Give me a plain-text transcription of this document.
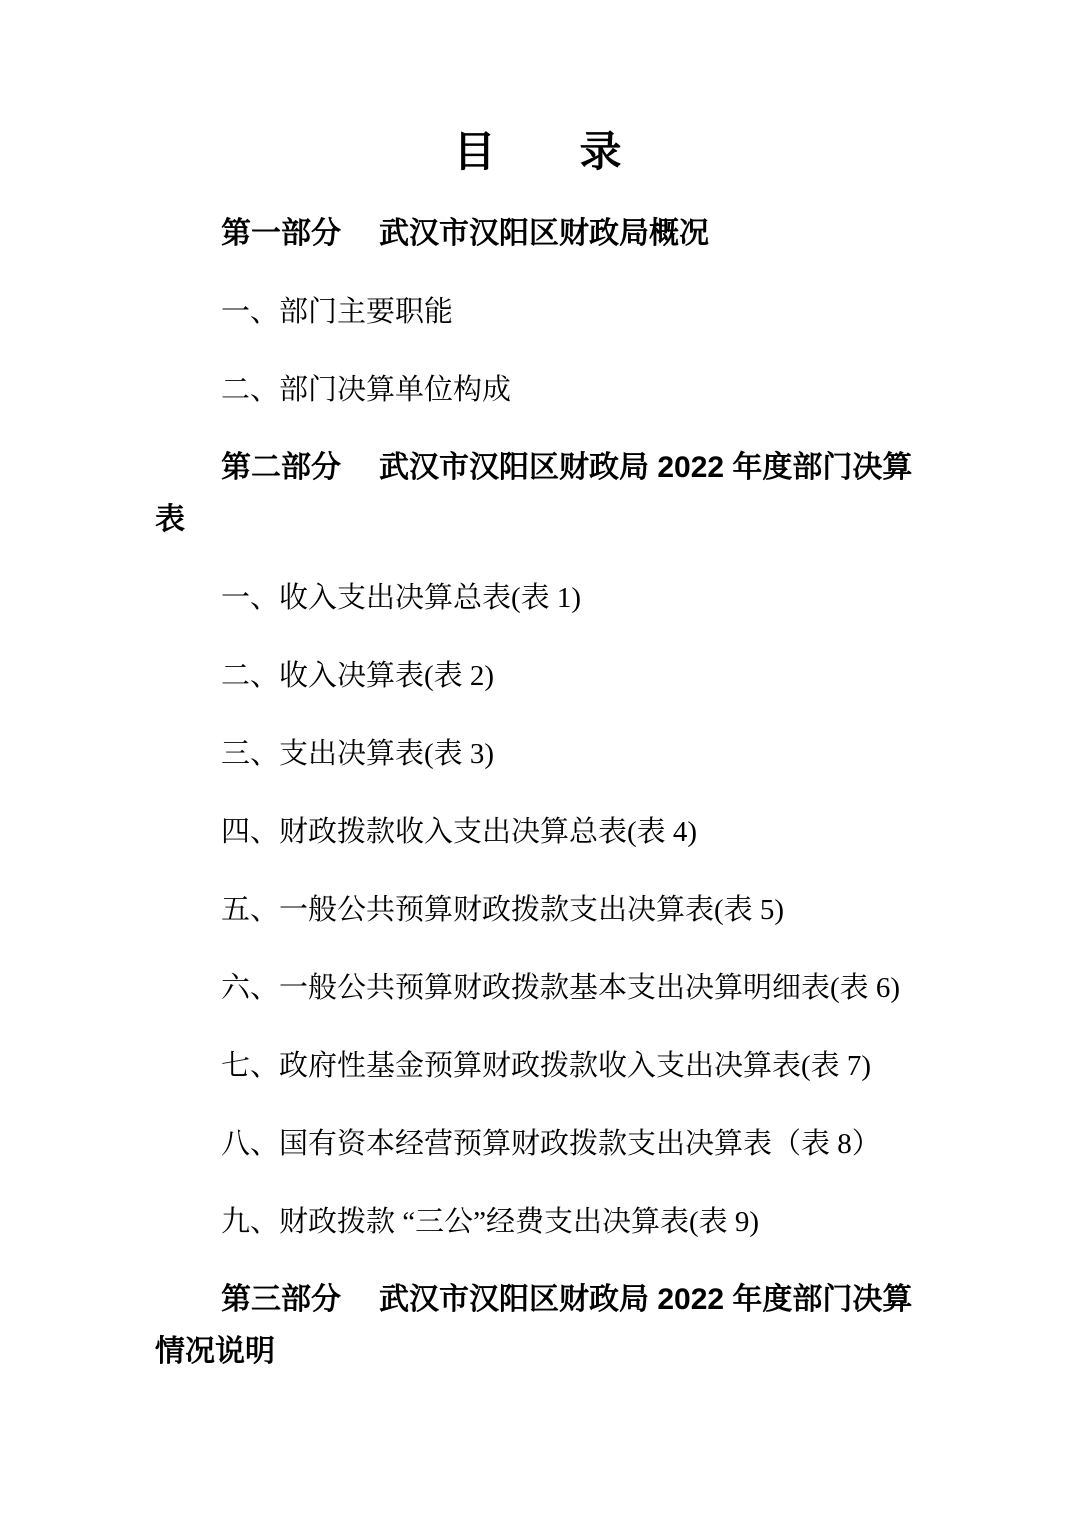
目　　录

第一部分 武汉市汉阳区财政局概况

一、部门主要职能

二、部门决算单位构成

第二部分 武汉市汉阳区财政局 2022 年度部门决算表

一、收入支出决算总表(表 1)

二、收入决算表(表 2)

三、支出决算表(表 3)

四、财政拨款收入支出决算总表(表 4)

五、一般公共预算财政拨款支出决算表(表 5)

六、一般公共预算财政拨款基本支出决算明细表(表 6)

七、政府性基金预算财政拨款收入支出决算表(表 7)

八、国有资本经营预算财政拨款支出决算表（表 8）

九、财政拨款 “三公”经费支出决算表(表 9)

第三部分 武汉市汉阳区财政局 2022 年度部门决算情况说明
